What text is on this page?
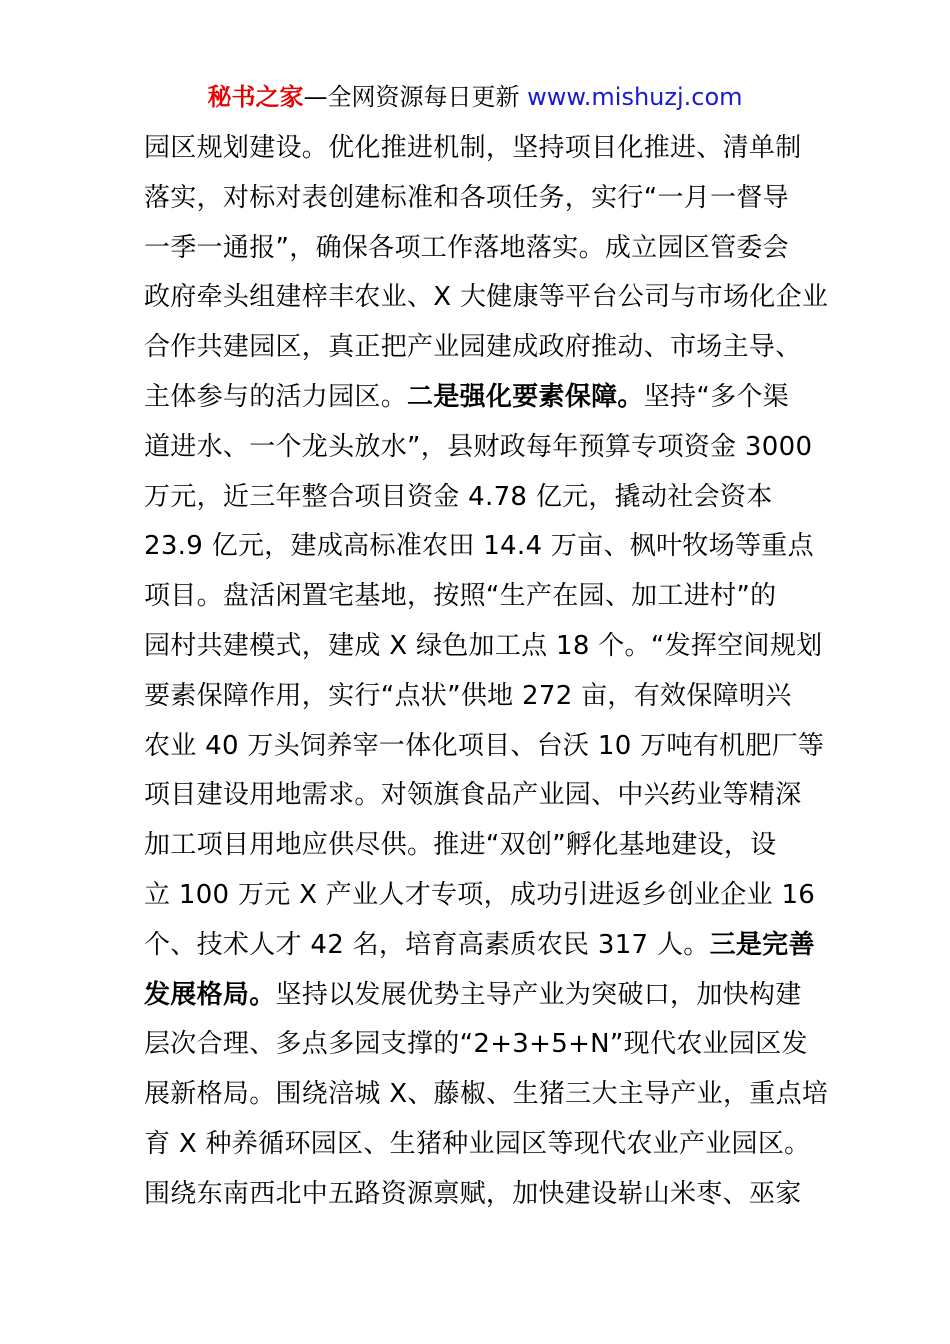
秘书之家—全网资源每日更新 www.mishuzj.com
园区规划建设。优化推进机制，坚持项目化推进、清单制
落实，对标对表创建标准和各项任务，实行“一月一督导
一季一通报”，确保各项工作落地落实。成立园区管委会
政府牵头组建梓丰农业、X 大健康等平台公司与市场化企业
合作共建园区，真正把产业园建成政府推动、市场主导、
主体参与的活力园区。二是强化要素保障。坚持“多个渠
道进水、一个龙头放水”，县财政每年预算专项资金 3000
万元，近三年整合项目资金 4.78 亿元，撬动社会资本
23.9 亿元，建成高标准农田 14.4 万亩、枫叶牧场等重点
项目。盘活闲置宅基地，按照“生产在园、加工进村”的
园村共建模式，建成 X 绿色加工点 18 个。“发挥空间规划
要素保障作用，实行“点状”供地 272 亩，有效保障明兴
农业 40 万头饲养宰一体化项目、台沃 10 万吨有机肥厂等
项目建设用地需求。对领旗食品产业园、中兴药业等精深
加工项目用地应供尽供。推进“双创”孵化基地建设，设
立 100 万元 X 产业人才专项，成功引进返乡创业企业 16
个、技术人才 42 名，培育高素质农民 317 人。三是完善
发展格局。坚持以发展优势主导产业为突破口，加快构建
层次合理、多点多园支撑的“2+3+5+N”现代农业园区发
展新格局。围绕涪城 X、藤椒、生猪三大主导产业，重点培
育 X 种养循环园区、生猪种业园区等现代农业产业园区。
围绕东南西北中五路资源禀赋，加快建设崭山米枣、巫家
